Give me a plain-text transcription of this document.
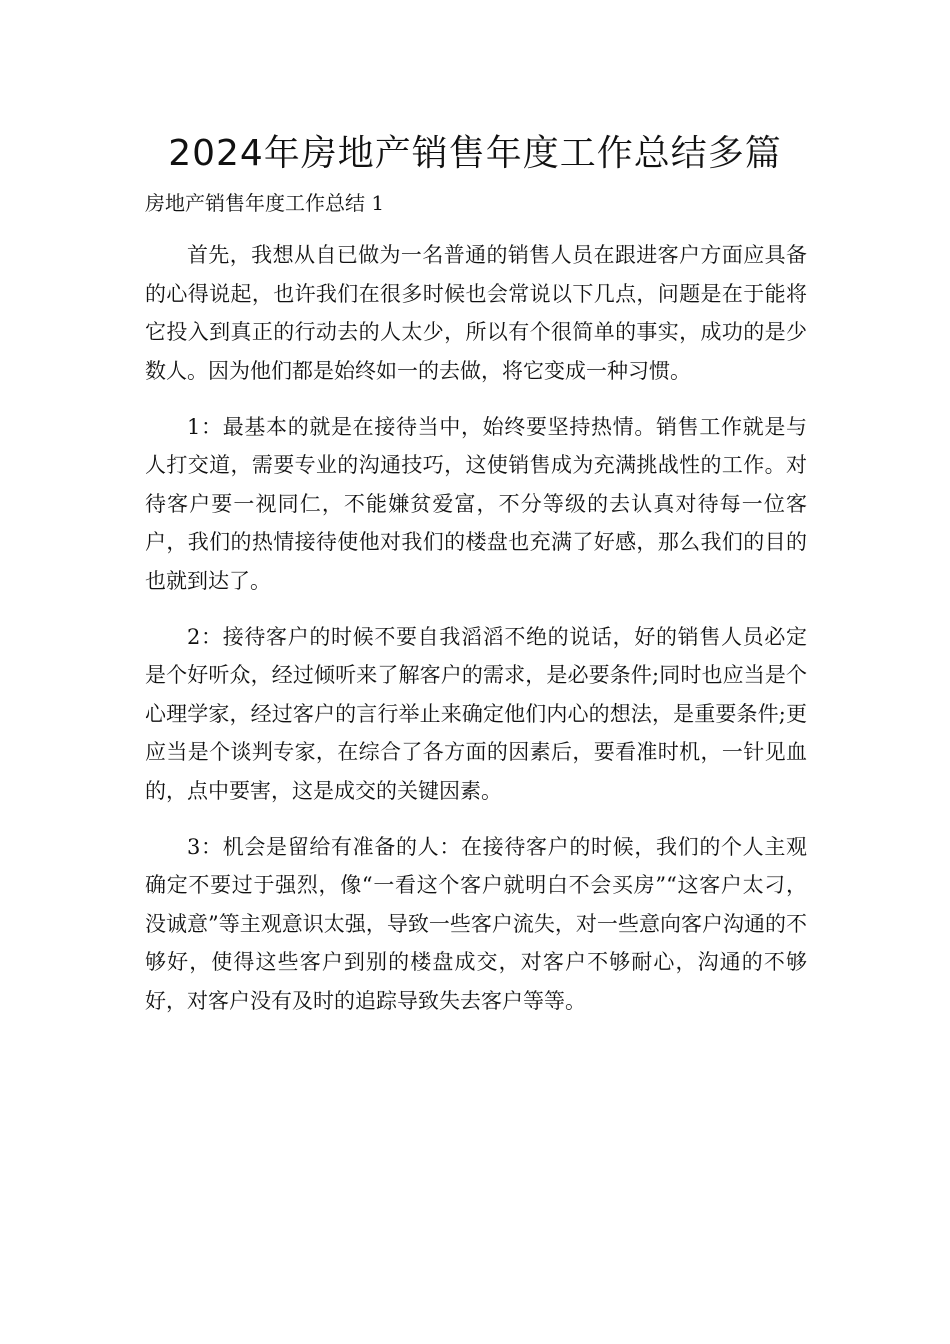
2024年房地产销售年度工作总结多篇
房地产销售年度工作总结 1

首先，我想从自已做为一名普通的销售人员在跟进客户方面应具备的心得说起，也许我们在很多时候也会常说以下几点，问题是在于能将它投入到真正的行动去的人太少，所以有个很简单的事实，成功的是少数人。因为他们都是始终如一的去做，将它变成一种习惯。

1：最基本的就是在接待当中，始终要坚持热情。销售工作就是与人打交道，需要专业的沟通技巧，这使销售成为充满挑战性的工作。对待客户要一视同仁，不能嫌贫爱富，不分等级的去认真对待每一位客户，我们的热情接待使他对我们的楼盘也充满了好感，那么我们的目的也就到达了。

2：接待客户的时候不要自我滔滔不绝的说话，好的销售人员必定是个好听众，经过倾听来了解客户的需求，是必要条件;同时也应当是个心理学家，经过客户的言行举止来确定他们内心的想法，是重要条件;更应当是个谈判专家，在综合了各方面的因素后，要看准时机，一针见血的，点中要害，这是成交的关键因素。

3：机会是留给有准备的人：在接待客户的时候，我们的个人主观确定不要过于强烈，像“一看这个客户就明白不会买房”“这客户太刁，没诚意”等主观意识太强，导致一些客户流失，对一些意向客户沟通的不够好，使得这些客户到别的楼盘成交，对客户不够耐心，沟通的不够好，对客户没有及时的追踪导致失去客户等等。
